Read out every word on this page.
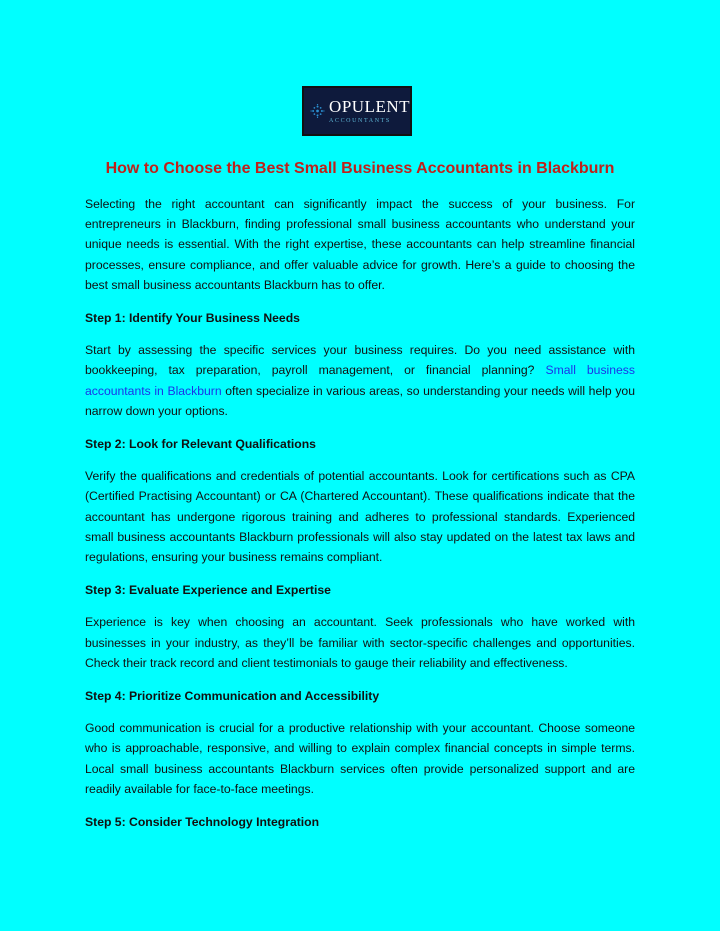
OPULENT
ACCOUNTANTS
How to Choose the Best Small Business Accountants in Blackburn

Selecting the right accountant can significantly impact the success of your business. For entrepreneurs in Blackburn, finding professional small business accountants who understand your unique needs is essential. With the right expertise, these accountants can help streamline financial processes, ensure compliance, and offer valuable advice for growth. Here’s a guide to choosing the best small business accountants Blackburn has to offer.

Step 1: Identify Your Business Needs

Start by assessing the specific services your business requires. Do you need assistance with bookkeeping, tax preparation, payroll management, or financial planning? Small business accountants in Blackburn often specialize in various areas, so understanding your needs will help you narrow down your options.

Step 2: Look for Relevant Qualifications

Verify the qualifications and credentials of potential accountants. Look for certifications such as CPA (Certified Practising Accountant) or CA (Chartered Accountant). These qualifications indicate that the accountant has undergone rigorous training and adheres to professional standards. Experienced small business accountants Blackburn professionals will also stay updated on the latest tax laws and regulations, ensuring your business remains compliant.

Step 3: Evaluate Experience and Expertise

Experience is key when choosing an accountant. Seek professionals who have worked with businesses in your industry, as they’ll be familiar with sector-specific challenges and opportunities. Check their track record and client testimonials to gauge their reliability and effectiveness.

Step 4: Prioritize Communication and Accessibility

Good communication is crucial for a productive relationship with your accountant. Choose someone who is approachable, responsive, and willing to explain complex financial concepts in simple terms. Local small business accountants Blackburn services often provide personalized support and are readily available for face-to-face meetings.

Step 5: Consider Technology Integration
